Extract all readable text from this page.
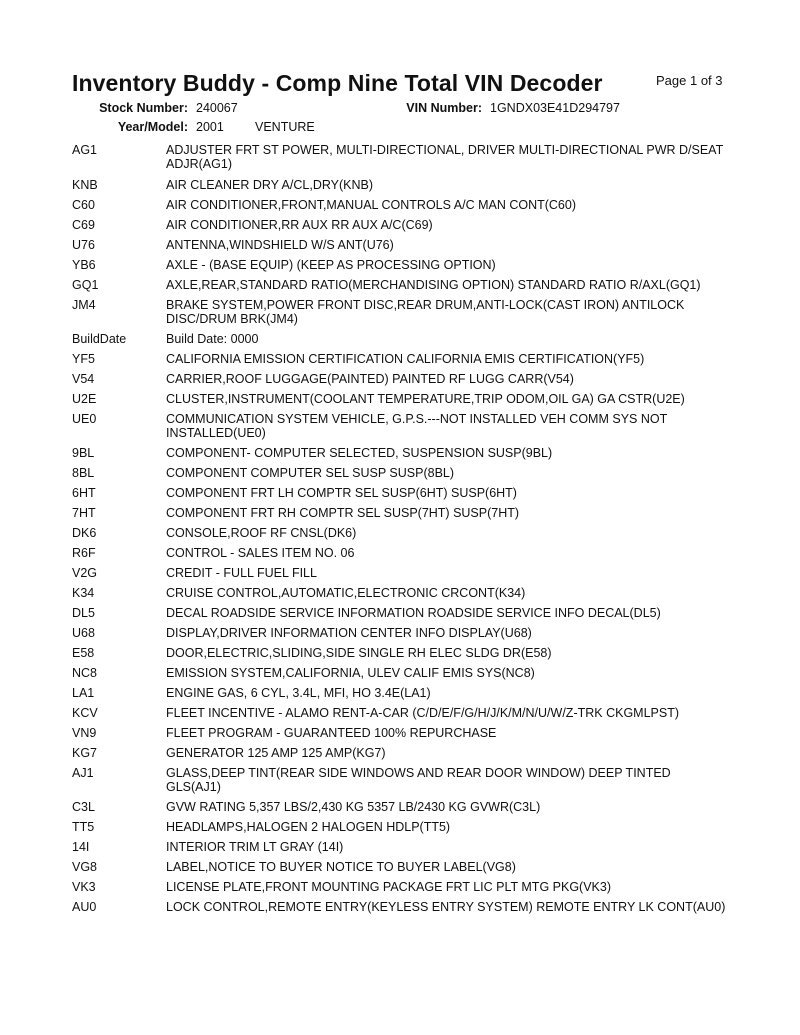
Inventory Buddy - Comp Nine Total VIN Decoder	Page 1 of 3
Stock Number: 240067	VIN Number: 1GNDX03E41D294797
Year/Model: 2001 VENTURE
AG1	ADJUSTER FRT ST POWER, MULTI-DIRECTIONAL, DRIVER MULTI-DIRECTIONAL PWR D/SEAT ADJR(AG1)
KNB	AIR CLEANER DRY A/CL,DRY(KNB)
C60	AIR CONDITIONER,FRONT,MANUAL CONTROLS A/C MAN CONT(C60)
C69	AIR CONDITIONER,RR AUX RR AUX A/C(C69)
U76	ANTENNA,WINDSHIELD W/S ANT(U76)
YB6	AXLE - (BASE EQUIP) (KEEP AS PROCESSING OPTION)
GQ1	AXLE,REAR,STANDARD RATIO(MERCHANDISING OPTION) STANDARD RATIO R/AXL(GQ1)
JM4	BRAKE SYSTEM,POWER FRONT DISC,REAR DRUM,ANTI-LOCK(CAST IRON) ANTILOCK DISC/DRUM BRK(JM4)
BuildDate	Build Date: 0000
YF5	CALIFORNIA EMISSION CERTIFICATION CALIFORNIA EMIS CERTIFICATION(YF5)
V54	CARRIER,ROOF LUGGAGE(PAINTED) PAINTED RF LUGG CARR(V54)
U2E	CLUSTER,INSTRUMENT(COOLANT TEMPERATURE,TRIP ODOM,OIL GA) GA CSTR(U2E)
UE0	COMMUNICATION SYSTEM VEHICLE, G.P.S.---NOT INSTALLED VEH COMM SYS NOT INSTALLED(UE0)
9BL	COMPONENT- COMPUTER SELECTED, SUSPENSION SUSP(9BL)
8BL	COMPONENT COMPUTER SEL SUSP SUSP(8BL)
6HT	COMPONENT FRT LH COMPTR SEL SUSP(6HT) SUSP(6HT)
7HT	COMPONENT FRT RH COMPTR SEL SUSP(7HT) SUSP(7HT)
DK6	CONSOLE,ROOF RF CNSL(DK6)
R6F	CONTROL - SALES ITEM NO. 06
V2G	CREDIT - FULL FUEL FILL
K34	CRUISE CONTROL,AUTOMATIC,ELECTRONIC CRCONT(K34)
DL5	DECAL ROADSIDE SERVICE INFORMATION ROADSIDE SERVICE INFO DECAL(DL5)
U68	DISPLAY,DRIVER INFORMATION CENTER INFO DISPLAY(U68)
E58	DOOR,ELECTRIC,SLIDING,SIDE SINGLE RH ELEC SLDG DR(E58)
NC8	EMISSION SYSTEM,CALIFORNIA, ULEV CALIF EMIS SYS(NC8)
LA1	ENGINE GAS, 6 CYL, 3.4L, MFI, HO 3.4E(LA1)
KCV	FLEET INCENTIVE - ALAMO RENT-A-CAR (C/D/E/F/G/H/J/K/M/N/U/W/Z-TRK CKGMLPST)
VN9	FLEET PROGRAM - GUARANTEED 100% REPURCHASE
KG7	GENERATOR 125 AMP 125 AMP(KG7)
AJ1	GLASS,DEEP TINT(REAR SIDE WINDOWS AND REAR DOOR WINDOW) DEEP TINTED GLS(AJ1)
C3L	GVW RATING 5,357 LBS/2,430 KG 5357 LB/2430 KG GVWR(C3L)
TT5	HEADLAMPS,HALOGEN 2 HALOGEN HDLP(TT5)
14I	INTERIOR TRIM LT GRAY (14I)
VG8	LABEL,NOTICE TO BUYER NOTICE TO BUYER LABEL(VG8)
VK3	LICENSE PLATE,FRONT MOUNTING PACKAGE FRT LIC PLT MTG PKG(VK3)
AU0	LOCK CONTROL,REMOTE ENTRY(KEYLESS ENTRY SYSTEM) REMOTE ENTRY LK CONT(AU0)
